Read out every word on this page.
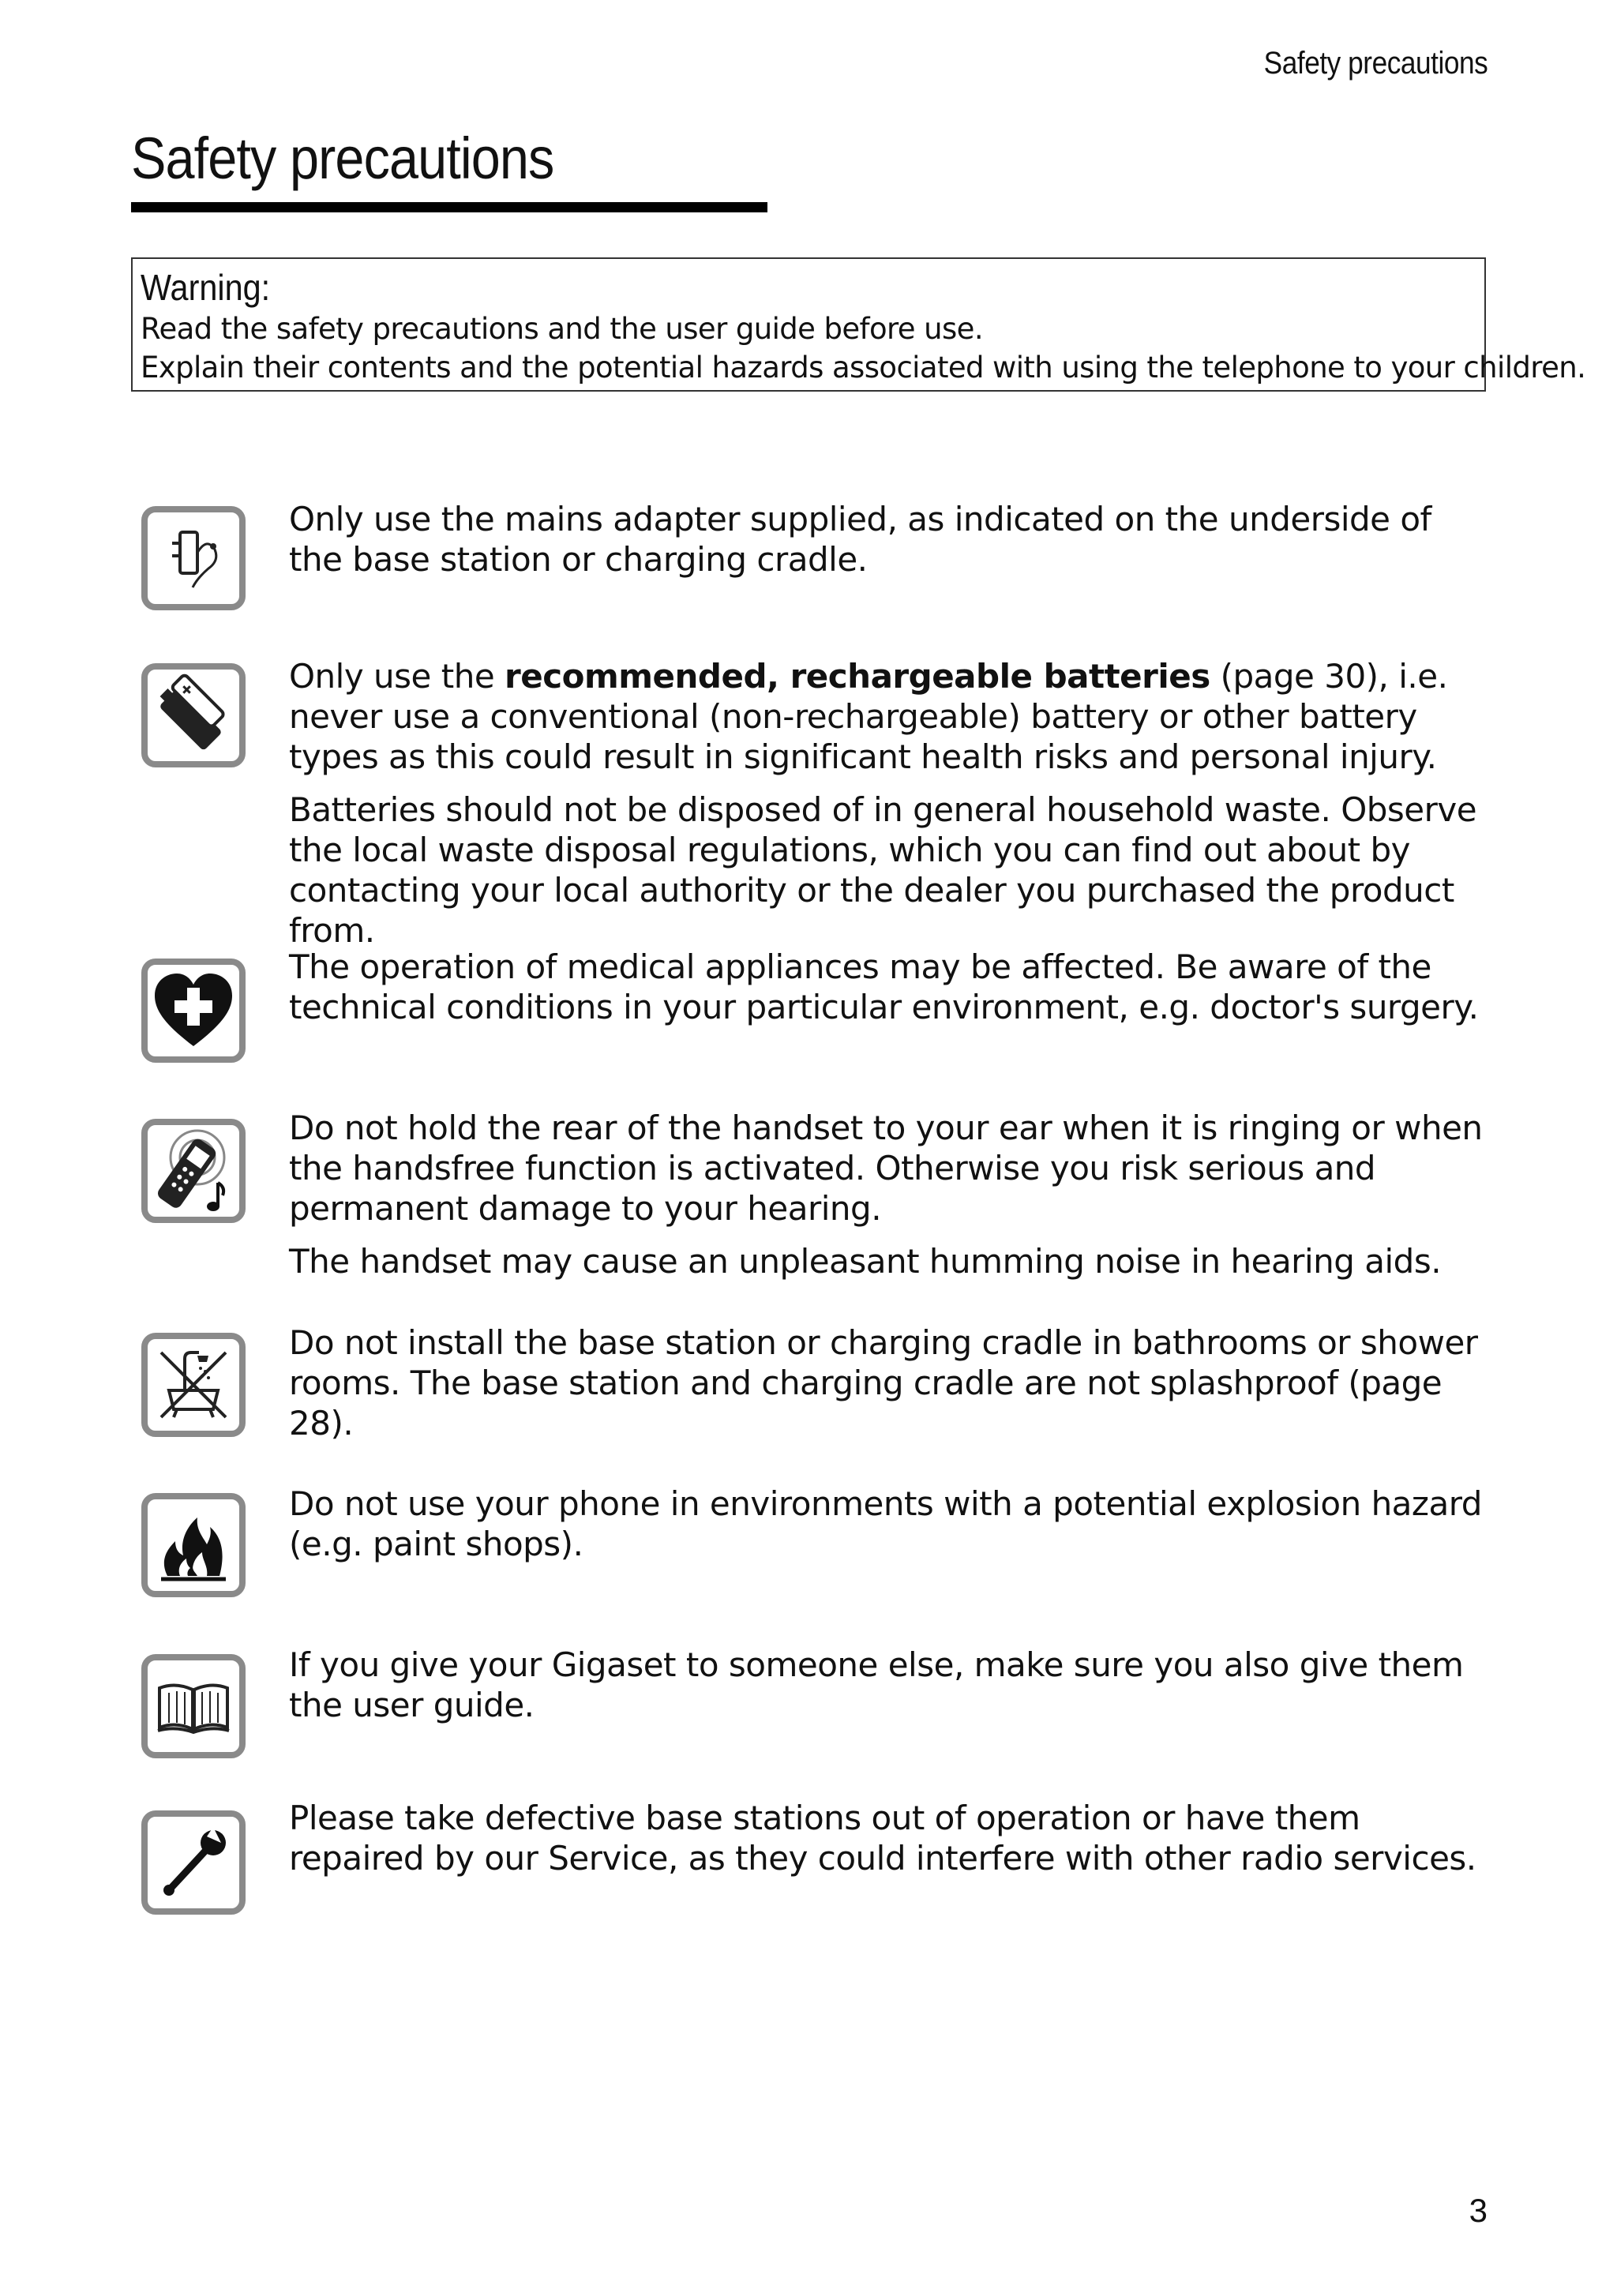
Safety precautions
Safety precautions
Warning:
Read the safety precautions and the user guide before use.
Explain their contents and the potential hazards associated with using the telephone to your children.

Only use the mains adapter supplied, as indicated on the underside of the base station or charging cradle.

Only use the recommended, rechargeable batteries (page 30), i.e. never use a conventional (non-rechargeable) battery or other battery types as this could result in significant health risks and personal injury.

Batteries should not be disposed of in general household waste. Observe the local waste disposal regulations, which you can find out about by contacting your local authority or the dealer you purchased the product from.

The operation of medical appliances may be affected. Be aware of the technical conditions in your particular environment, e.g. doctor's surgery.

Do not hold the rear of the handset to your ear when it is ringing or when the handsfree function is activated. Otherwise you risk serious and permanent damage to your hearing.

The handset may cause an unpleasant humming noise in hearing aids.

Do not install the base station or charging cradle in bathrooms or shower rooms. The base station and charging cradle are not splashproof (page 28).

Do not use your phone in environments with a potential explosion hazard (e.g. paint shops).

If you give your Gigaset to someone else, make sure you also give them the user guide.

Please take defective base stations out of operation or have them repaired by our Service, as they could interfere with other radio services.

3
